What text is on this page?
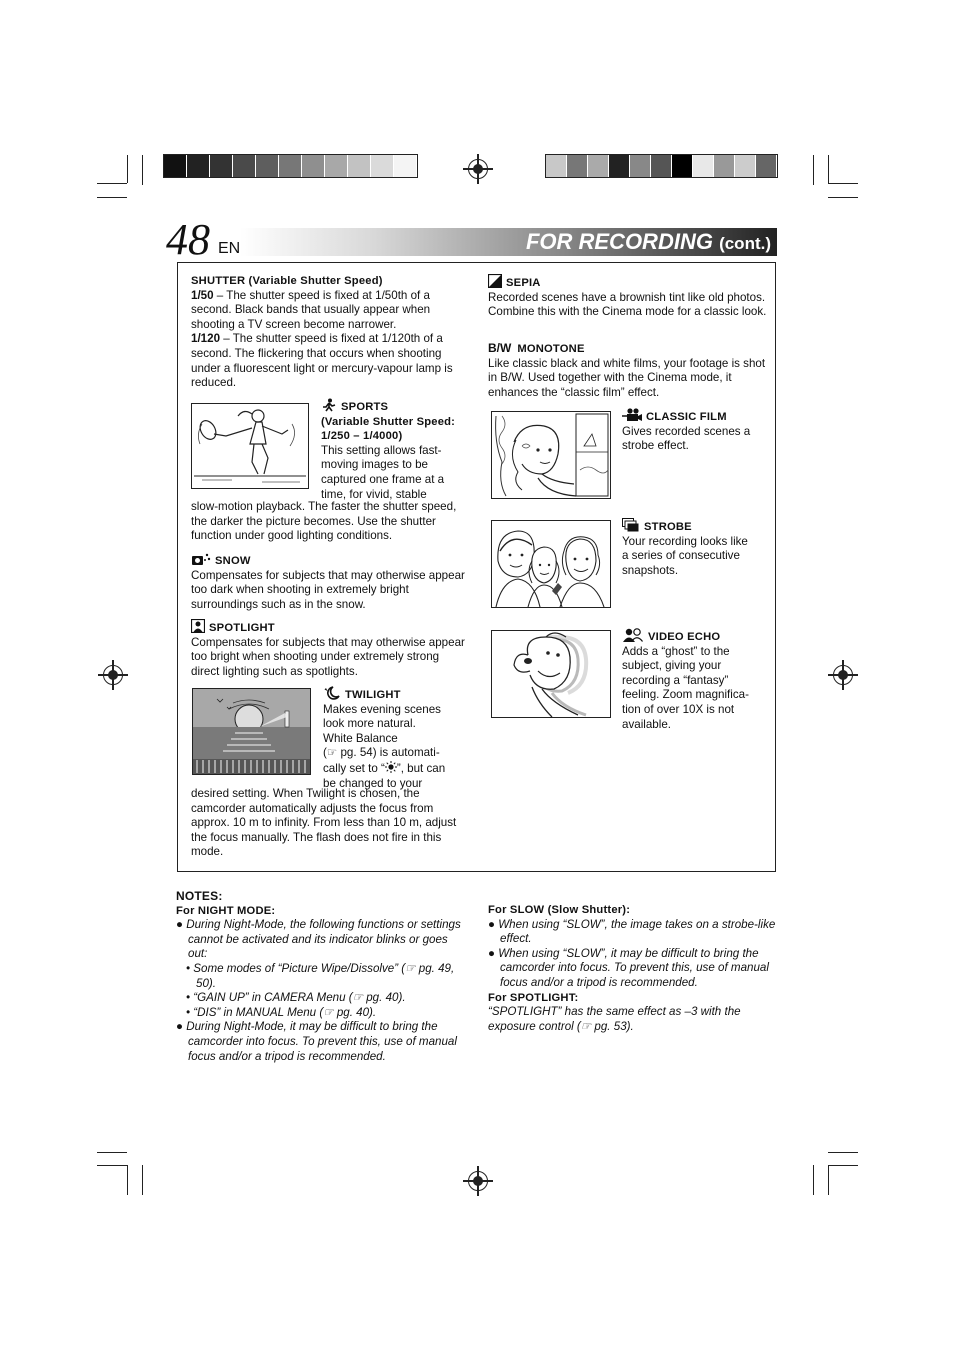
48 EN	FOR RECORDING (cont.)
SHUTTER (Variable Shutter Speed)
1/50 – The shutter speed is fixed at 1/50th of a second. Black bands that usually appear when shooting a TV screen become narrower.
1/120 – The shutter speed is fixed at 1/120th of a second. The flickering that occurs when shooting under a fluorescent light or mercury-vapour lamp is reduced.
SPORTS
(Variable Shutter Speed:
1/250 – 1/4000)
This setting allows fast-
moving images to be
captured one frame at a
time, for vivid, stable
slow-motion playback. The faster the shutter speed, the darker the picture becomes. Use the shutter function under good lighting conditions.
SNOW
Compensates for subjects that may otherwise appear too dark when shooting in extremely bright surroundings such as in the snow.
SPOTLIGHT
Compensates for subjects that may otherwise appear too bright when shooting under extremely strong direct lighting such as spotlights.
TWILIGHT
Makes evening scenes
look more natural.
White Balance
(☞ pg. 54) is automati-
cally set to “ ”, but can
be changed to your
desired setting. When Twilight is chosen, the camcorder automatically adjusts the focus from approx. 10 m to infinity. From less than 10 m, adjust the focus manually. The flash does not fire in this mode.
SEPIA
Recorded scenes have a brownish tint like old photos. Combine this with the Cinema mode for a classic look.
B/W MONOTONE
Like classic black and white films, your footage is shot in B/W. Used together with the Cinema mode, it enhances the “classic film” effect.
CLASSIC FILM
Gives recorded scenes a
strobe effect.
STROBE
Your recording looks like
a series of consecutive
snapshots.
VIDEO ECHO
Adds a “ghost” to the
subject, giving your
recording a “fantasy”
feeling. Zoom magnifica-
tion of over 10X is not
available.
NOTES:
For NIGHT MODE:
● During Night-Mode, the following functions or settings cannot be activated and its indicator blinks or goes out:
• Some modes of “Picture Wipe/Dissolve” (☞ pg. 49, 50).
• “GAIN UP” in CAMERA Menu (☞ pg. 40).
• “DIS” in MANUAL Menu (☞ pg. 40).
● During Night-Mode, it may be difficult to bring the camcorder into focus. To prevent this, use of manual focus and/or a tripod is recommended.
For SLOW (Slow Shutter):
● When using “SLOW”, the image takes on a strobe-like effect.
● When using “SLOW”, it may be difficult to bring the camcorder into focus. To prevent this, use of manual focus and/or a tripod is recommended.
For SPOTLIGHT:
“SPOTLIGHT” has the same effect as –3 with the exposure control (☞ pg. 53).
